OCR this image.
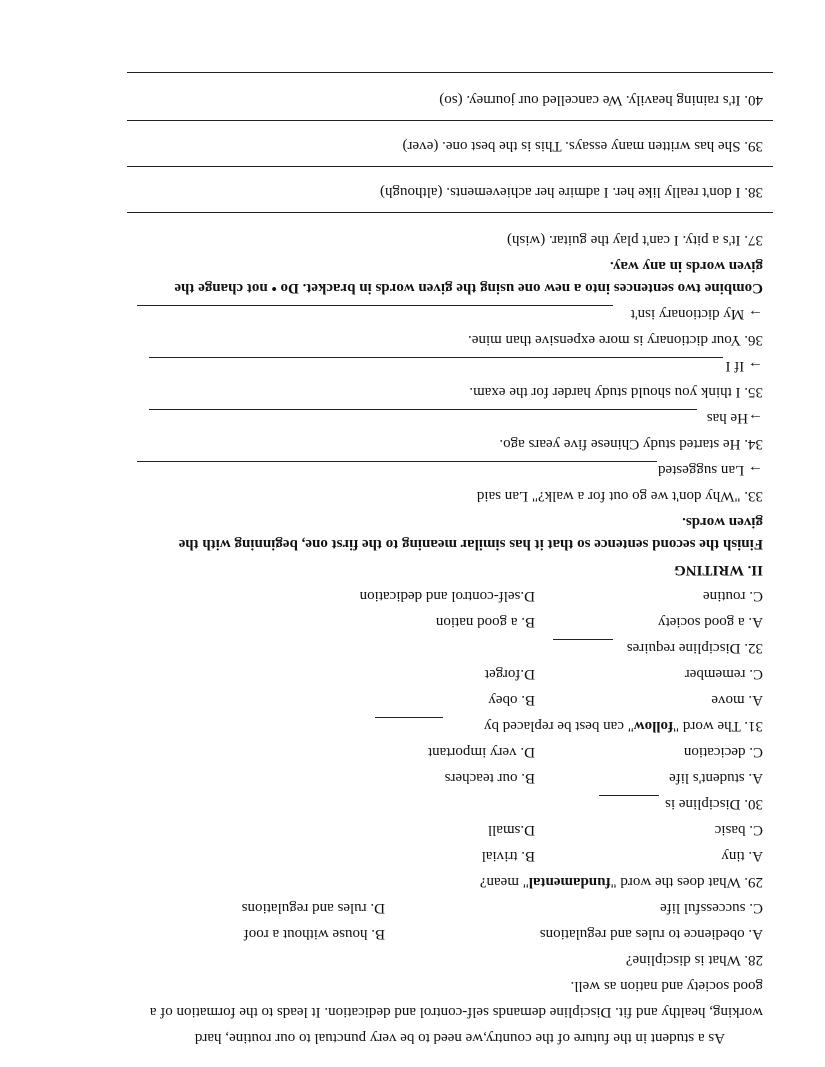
As a student in the future of the country,we need to be very punctual to our routine, hard
working, healthy and fit. Discipline demands self-control and dedication. It leads to the formation of a
good society and nation as well.
28. What is discipline?
A. obedience to rules and regulations
B. house without a roof
C. successful life
D. rules and regulations
29. What does the word "fundamental" mean?
A. tiny
B. trivial
C. basic
D.small
30. Discipline is
A. student's life
B. our teachers
C. decication
D. very important
31. The word "follow" can best be replaced by
A. move
B. obey
C. remember
D.forget
32. Discipline requires
A. a good society
B. a good nation
C. routine
D.self-control and dedication
II. WRITING
Finish the second sentence so that it has similar meaning to the first one, beginning with the
given words.
33. "Why don't we go out for a walk?" Lan said
→ Lan suggested
34. He started study Chinese five years ago.
→He has
35. I think you should study harder for the exam.
→ If I
36. Your dictionary is more expensive than mine.
→ My dictionary isn't
Combine two sentences into a new one using the given words in bracket. Do • not change the
given words in any way.
37. It's a pity. I can't play the guitar. (wish)
38. I don't really like her. I admire her achievements. (although)
39. She has written many essays. This is the best one. (ever)
40. It's raining heavily. We cancelled our journey. (so)
